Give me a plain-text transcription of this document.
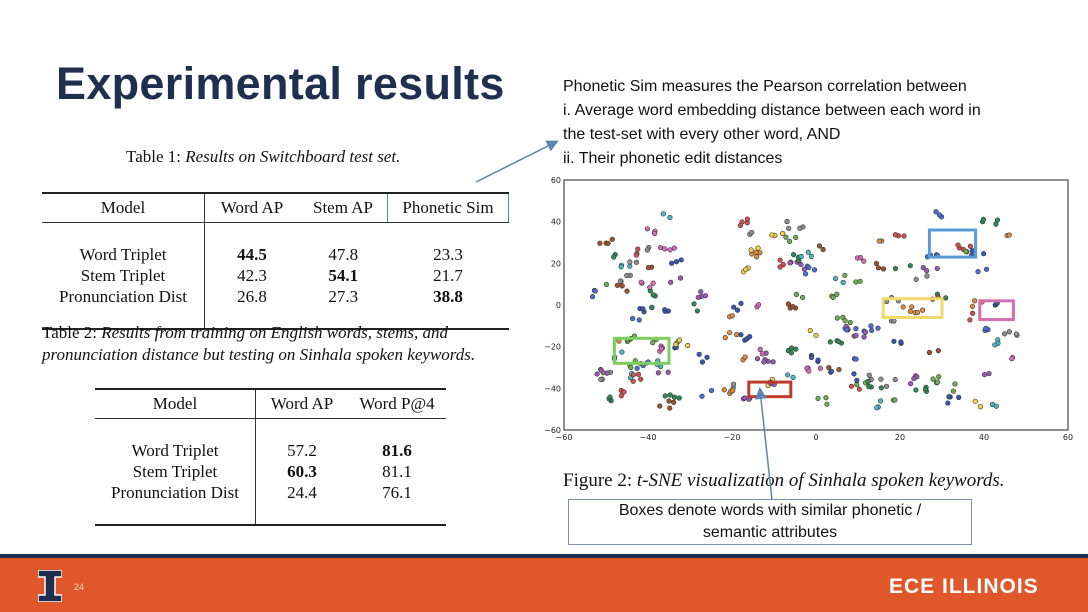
Experimental results
Table 1: Results on Switchboard test set.
Model	Word AP	Stem AP	Phonetic Sim

Word Triplet	44.5	47.8	23.3
Stem Triplet	42.3	54.1	21.7
Pronunciation Dist	26.8	27.3	38.8

Table 2: Results from training on English words, stems, and
pronunciation distance but testing on Sinhala spoken keywords.
Model	Word AP	Word P@4

Word Triplet	57.2	81.6
Stem Triplet	60.3	81.1
Pronunciation Dist	24.4	76.1

Phonetic Sim measures the Pearson correlation between
i. Average word embedding distance between each word in
the test-set with every other word, AND
ii. Their phonetic edit distances
−60
−60
−40
−40
−20
−20
0
0
20
20
40
40
60
60
Figure 2: t-SNE visualization of Sinhala spoken keywords.
Boxes denote words with similar phonetic /
semantic attributes
24	ECE ILLINOIS
